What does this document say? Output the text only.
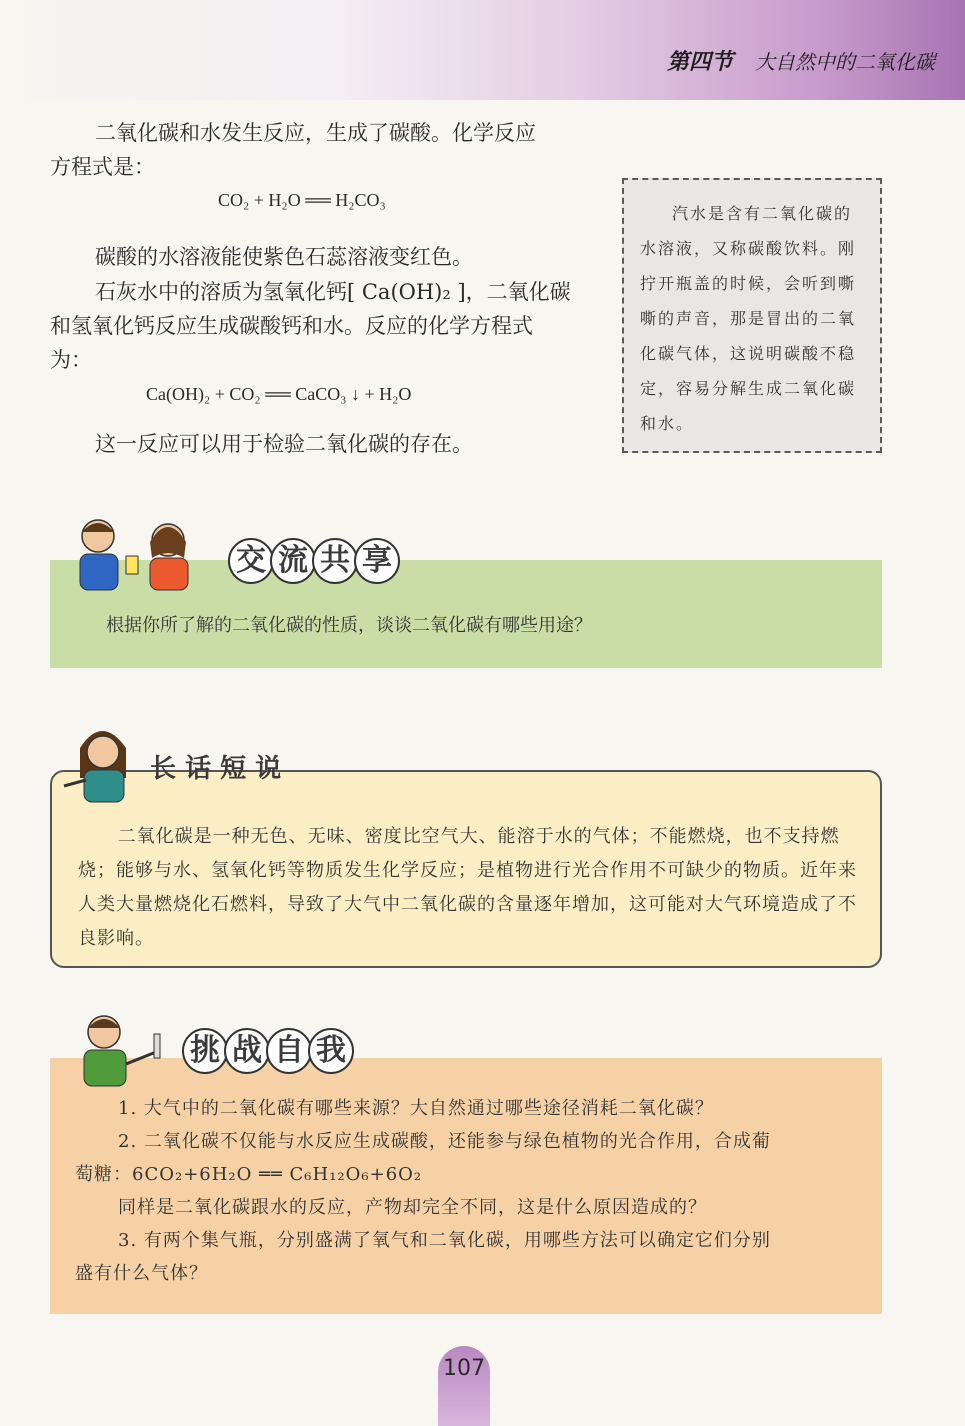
第四节 大自然中的二氧化碳
二氧化碳和水发生反应，生成了碳酸。化学反应
方程式是：
CO₂ + H₂O ══ H₂CO₃
碳酸的水溶液能使紫色石蕊溶液变红色。
石灰水中的溶质为氢氧化钙[ Ca(OH)₂ ]，二氧化碳
和氢氧化钙反应生成碳酸钙和水。反应的化学方程式
为：
Ca(OH)₂ + CO₂ ══ CaCO₃ ↓ + H₂O
这一反应可以用于检验二氧化碳的存在。
汽水是含有二氧化碳的水溶液，又称碳酸饮料。刚拧开瓶盖的时候，会听到嘶嘶的声音，那是冒出的二氧化碳气体，这说明碳酸不稳定，容易分解生成二氧化碳和水。
交 流 共 享
根据你所了解的二氧化碳的性质，谈谈二氧化碳有哪些用途？
长 话 短 说
二氧化碳是一种无色、无味、密度比空气大、能溶于水的气体；不能燃烧，也不支持燃烧；能够与水、氢氧化钙等物质发生化学反应；是植物进行光合作用不可缺少的物质。近年来人类大量燃烧化石燃料，导致了大气中二氧化碳的含量逐年增加，这可能对大气环境造成了不良影响。
挑 战 自 我
1. 大气中的二氧化碳有哪些来源？大自然通过哪些途径消耗二氧化碳？
2. 二氧化碳不仅能与水反应生成碳酸，还能参与绿色植物的光合作用，合成葡
萄糖：6CO₂+6H₂O ══ C₆H₁₂O₆+6O₂
同样是二氧化碳跟水的反应，产物却完全不同，这是什么原因造成的？
3. 有两个集气瓶，分别盛满了氧气和二氧化碳，用哪些方法可以确定它们分别
盛有什么气体？
107
